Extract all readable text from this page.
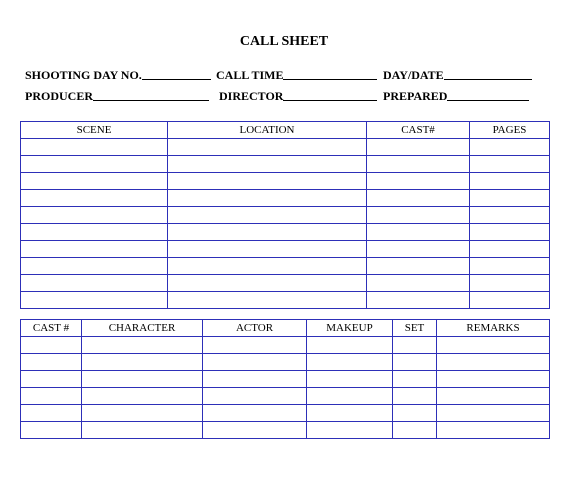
CALL SHEET
SHOOTING DAY NO.	CALL TIME	DAY/DATE
PRODUCER	DIRECTOR	PREPARED
SCENE	LOCATION	CAST#	PAGES

CAST #	CHARACTER	ACTOR	MAKEUP	SET	REMARKS
